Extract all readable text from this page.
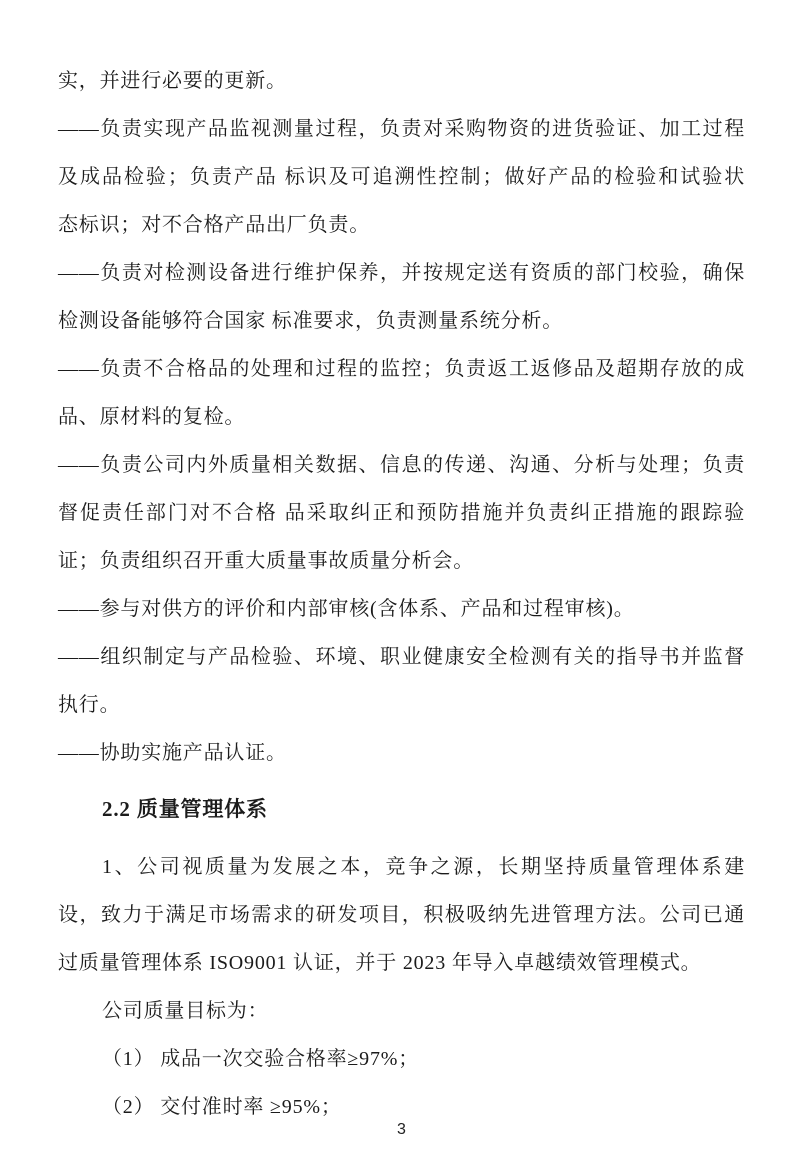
实，并进行必要的更新。

——负责实现产品监视测量过程，负责对采购物资的进货验证、加工过程

及成品检验；负责产品 标识及可追溯性控制；做好产品的检验和试验状

态标识；对不合格产品出厂负责。

——负责对检测设备进行维护保养，并按规定送有资质的部门校验，确保

检测设备能够符合国家 标准要求，负责测量系统分析。

——负责不合格品的处理和过程的监控；负责返工返修品及超期存放的成

品、原材料的复检。

——负责公司内外质量相关数据、信息的传递、沟通、分析与处理；负责

督促责任部门对不合格 品采取纠正和预防措施并负责纠正措施的跟踪验

证；负责组织召开重大质量事故质量分析会。

——参与对供方的评价和内部审核(含体系、产品和过程审核)。

——组织制定与产品检验、环境、职业健康安全检测有关的指导书并监督

执行。

——协助实施产品认证。

2.2 质量管理体系

1、公司视质量为发展之本，竞争之源，长期坚持质量管理体系建

设，致力于满足市场需求的研发项目，积极吸纳先进管理方法。公司已通

过质量管理体系 ISO9001 认证，并于 2023 年导入卓越绩效管理模式。

公司质量目标为：

（1） 成品一次交验合格率≥97%；

（2） 交付准时率 ≥95%；

3
